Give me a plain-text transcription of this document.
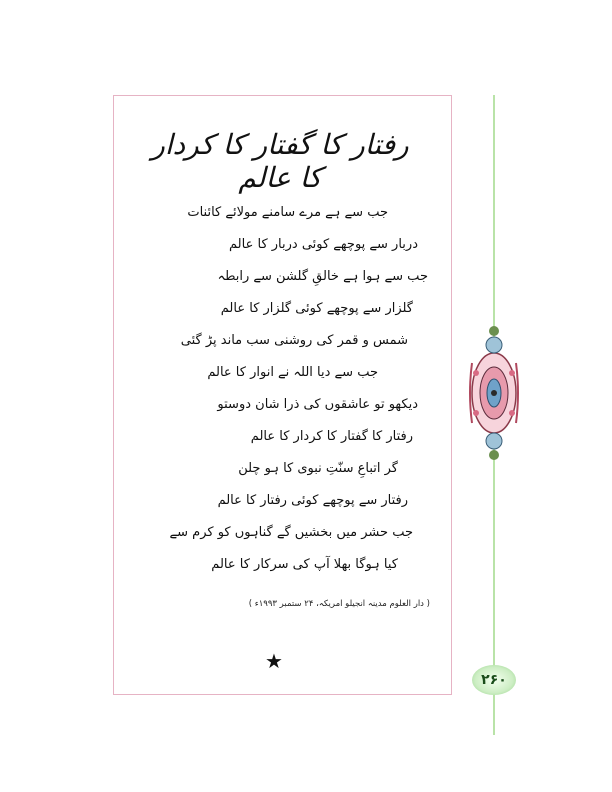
رفتار کا گفتار کا کردار کا عالم
جب سے ہے مرے سامنے مولائے کائنات
دربار سے پوچھے کوئی دربار کا عالم
جب سے ہوا ہے خالقِ گلشن سے رابطہ
گلزار سے پوچھے کوئی گلزار کا عالم
شمس و قمر کی روشنی سب ماند پڑ گئی
جب سے دیا اللہ نے انوار کا عالم
دیکھو تو عاشقوں کی ذرا شان دوستو
رفتار کا گفتار کا کردار کا عالم
گر اتباعِ سنّتِ نبوی کا ہو چلن
رفتار سے پوچھے کوئی رفتار کا عالم
جب حشر میں بخشیں گے گناہوں کو کرم سے
کیا ہوگا بھلا آپ کی سرکار کا عالم
( دار العلوم مدینہ انجیلو امریکہ، ۲۴ ستمبر ۱۹۹۳ء )
★
۲۶۰
